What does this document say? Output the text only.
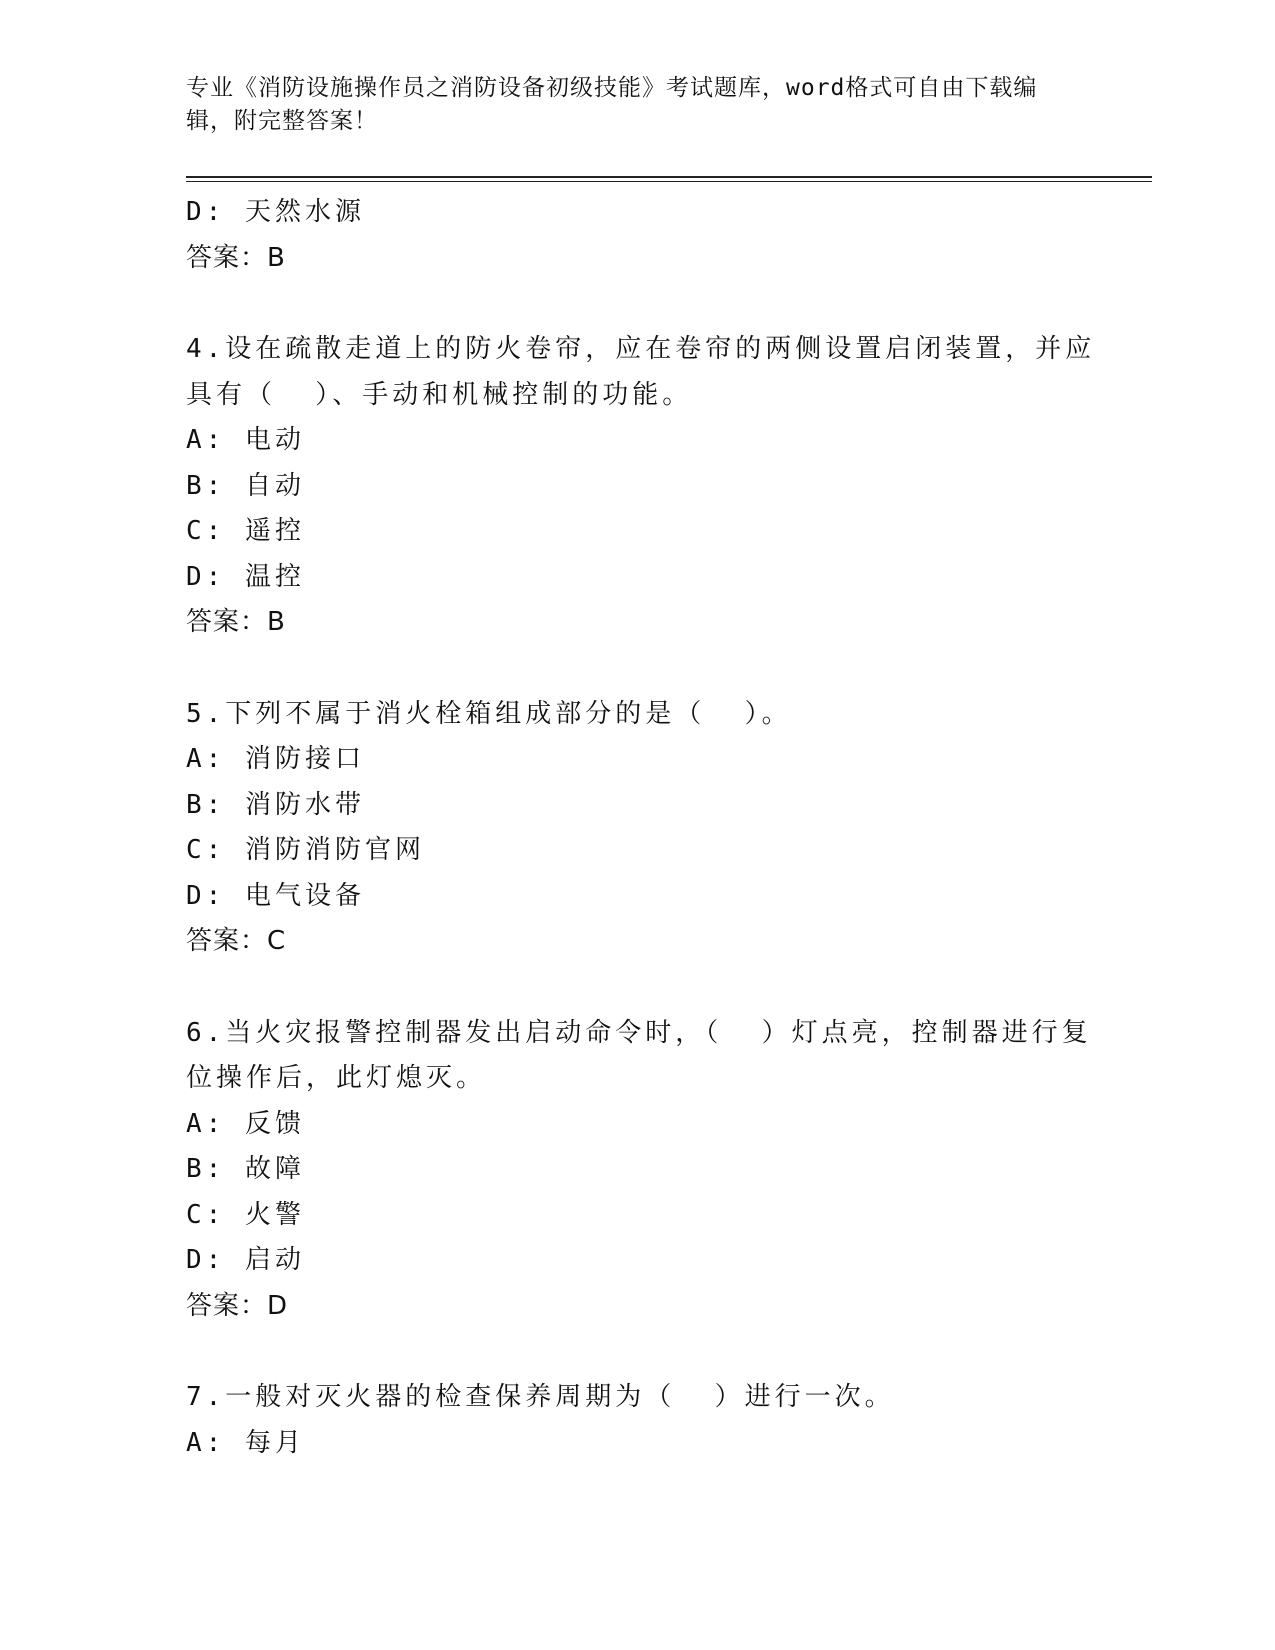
专业《消防设施操作员之消防设备初级技能》考试题库，word格式可自由下载编
辑，附完整答案！
D: 天然水源
答案：B
4.设在疏散走道上的防火卷帘，应在卷帘的两侧设置启闭装置，并应
具有（  ）、手动和机械控制的功能。
A: 电动
B: 自动
C: 遥控
D: 温控
答案：B
5.下列不属于消火栓箱组成部分的是（  ）。
A: 消防接口
B: 消防水带
C: 消防消防官网
D: 电气设备
答案：C
6.当火灾报警控制器发出启动命令时，（  ）灯点亮，控制器进行复
位操作后，此灯熄灭。
A: 反馈
B: 故障
C: 火警
D: 启动
答案：D
7.一般对灭火器的检查保养周期为（  ）进行一次。
A: 每月
